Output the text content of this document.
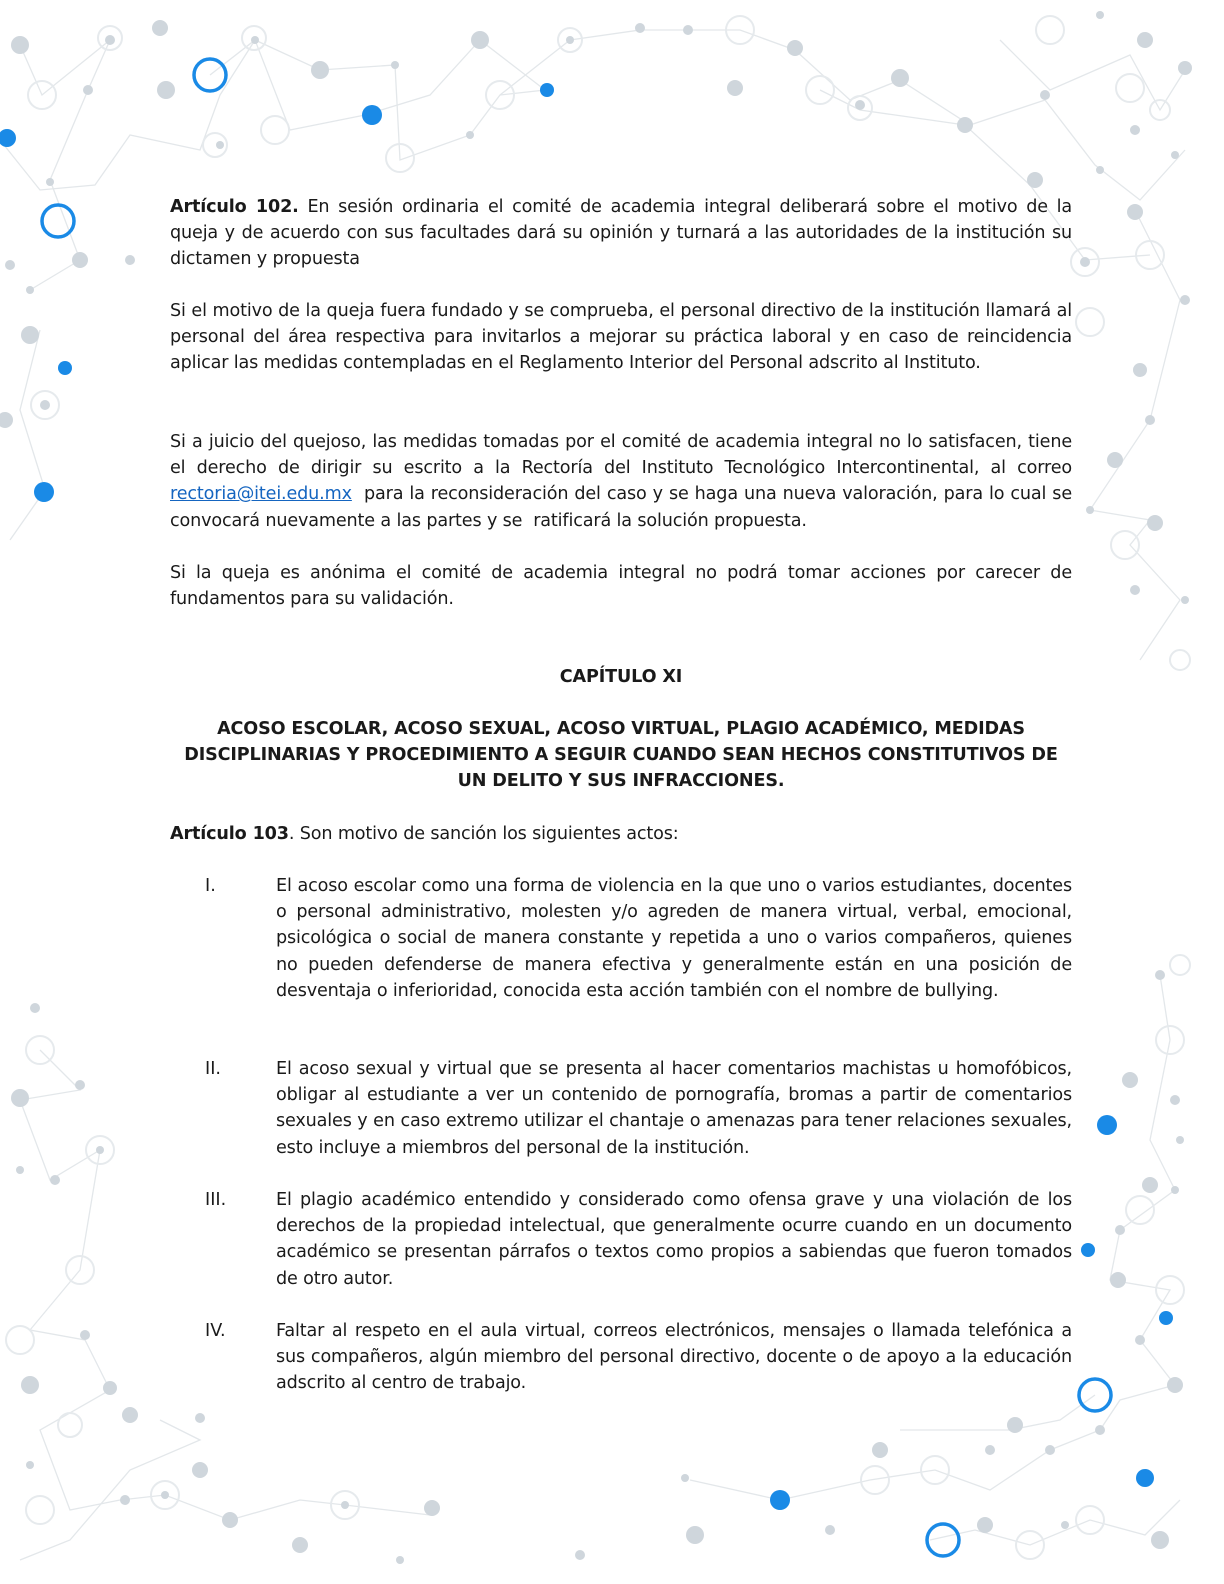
Artículo 102. En sesión ordinaria el comité de academia integral deliberará sobre el motivo de la queja y de acuerdo con sus facultades dará su opinión y turnará a las autoridades de la institución su dictamen y propuesta
Si el motivo de la queja fuera fundado y se comprueba, el personal directivo de la institución llamará al personal del área respectiva para invitarlos a mejorar su práctica laboral y en caso de reincidencia aplicar las medidas contempladas en el Reglamento Interior del Personal adscrito al Instituto.
Si a juicio del quejoso, las medidas tomadas por el comité de academia integral no lo satisfacen, tiene el derecho de dirigir su escrito a la Rectoría del Instituto Tecnológico Intercontinental, al correo rectoria@itei.edu.mx  para la reconsideración del caso y se haga una nueva valoración, para lo cual se convocará nuevamente a las partes y se  ratificará la solución propuesta.
Si la queja es anónima el comité de academia integral no podrá tomar acciones por carecer de fundamentos para su validación.
CAPÍTULO XI
ACOSO ESCOLAR, ACOSO SEXUAL, ACOSO VIRTUAL, PLAGIO ACADÉMICO, MEDIDAS DISCIPLINARIAS Y PROCEDIMIENTO A SEGUIR CUANDO SEAN HECHOS CONSTITUTIVOS DE UN DELITO Y SUS INFRACCIONES.
Artículo 103. Son motivo de sanción los siguientes actos:
I.	El acoso escolar como una forma de violencia en la que uno o varios estudiantes, docentes o personal administrativo, molesten y/o agreden de manera virtual, verbal, emocional, psicológica o social de manera constante y repetida a uno o varios compañeros, quienes no pueden defenderse de manera efectiva y generalmente están en una posición de desventaja o inferioridad, conocida esta acción también con el nombre de bullying.
II.	El acoso sexual y virtual que se presenta al hacer comentarios machistas u homofóbicos, obligar al estudiante a ver un contenido de pornografía, bromas a partir de comentarios sexuales y en caso extremo utilizar el chantaje o amenazas para tener relaciones sexuales, esto incluye a miembros del personal de la institución.
III.	El plagio académico entendido y considerado como ofensa grave y una violación de los derechos de la propiedad intelectual, que generalmente ocurre cuando en un documento académico se presentan párrafos o textos como propios a sabiendas que fueron tomados de otro autor.
IV.	Faltar al respeto en el aula virtual, correos electrónicos, mensajes o llamada telefónica a sus compañeros, algún miembro del personal directivo, docente o de apoyo a la educación adscrito al centro de trabajo.
